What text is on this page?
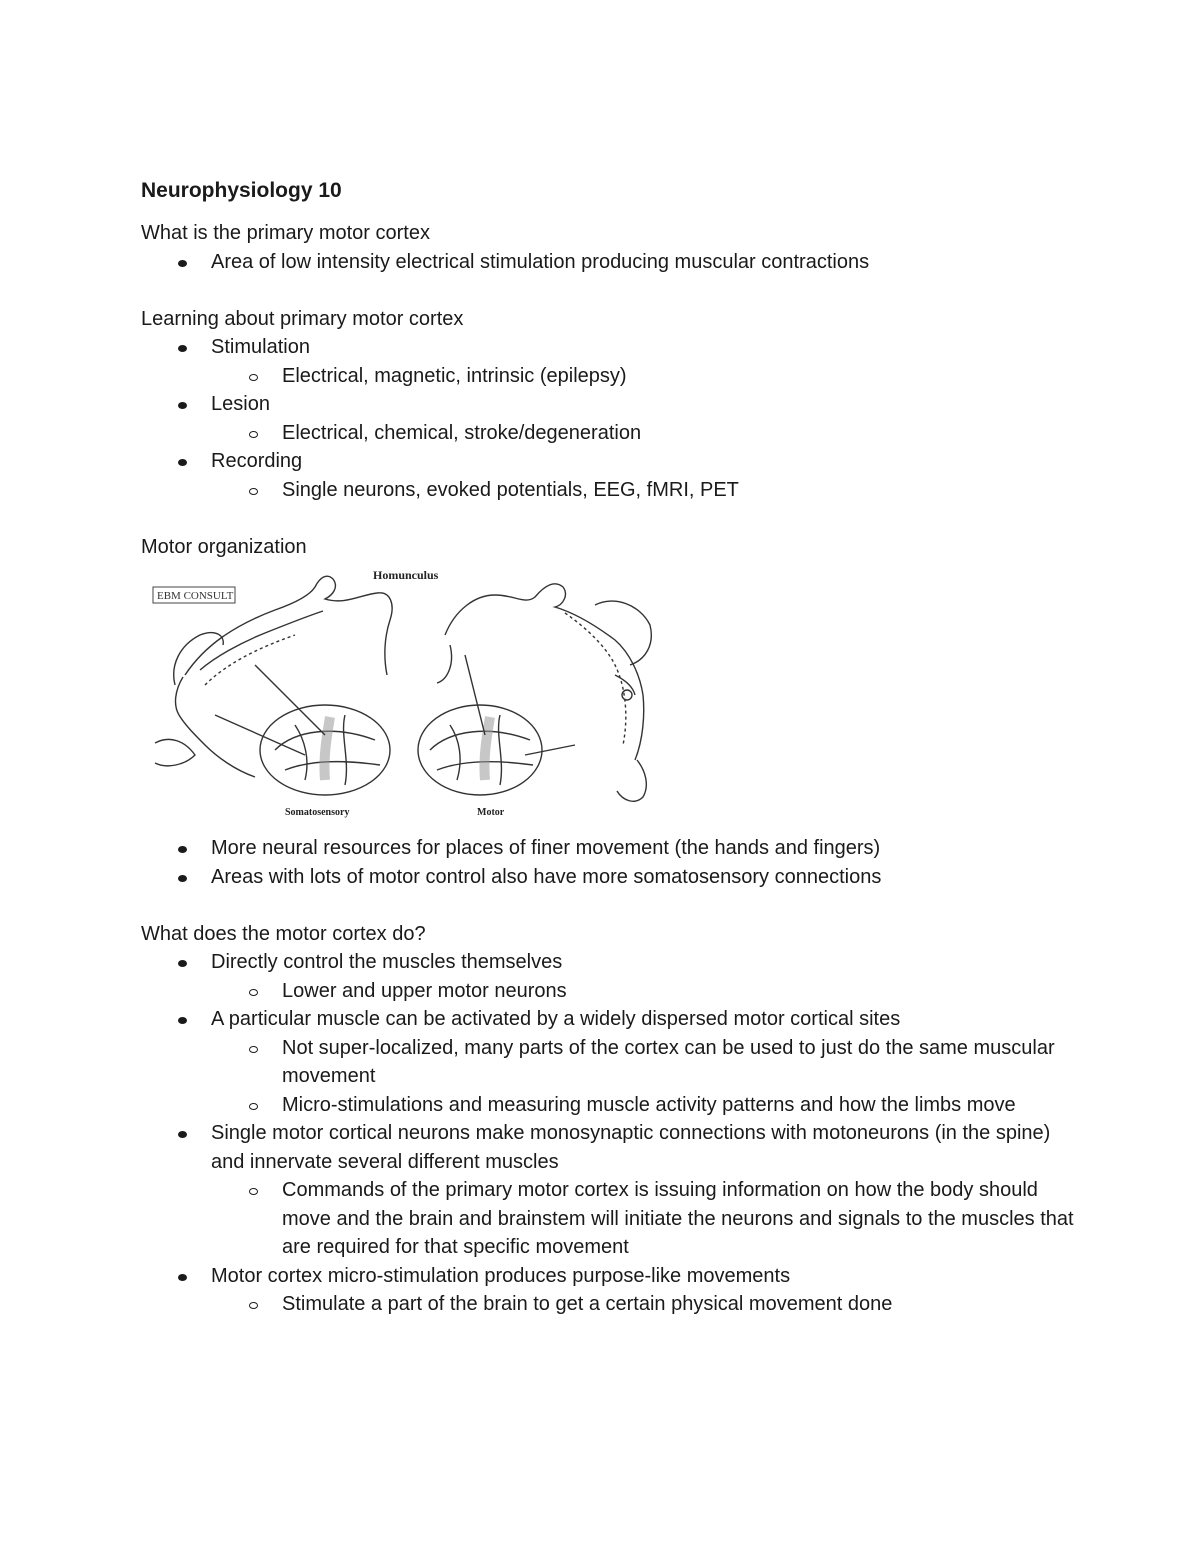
Neurophysiology 10
What is the primary motor cortex
Area of low intensity electrical stimulation producing muscular contractions
Learning about primary motor cortex
Stimulation
Electrical, magnetic, intrinsic (epilepsy)
Lesion
Electrical, chemical, stroke/degeneration
Recording
Single neurons, evoked potentials, EEG, fMRI, PET
Motor organization
EBM CONSULT
Homunculus
Somatosensory	Motor
More neural resources for places of finer movement (the hands and fingers)
Areas with lots of motor control also have more somatosensory connections
What does the motor cortex do?
Directly control the muscles themselves
Lower and upper motor neurons
A particular muscle can be activated by a widely dispersed motor cortical sites
Not super-localized, many parts of the cortex can be used to just do the same muscular movement
Micro-stimulations and measuring muscle activity patterns and how the limbs move
Single motor cortical neurons make monosynaptic connections with motoneurons (in the spine) and innervate several different muscles
Commands of the primary motor cortex is issuing information on how the body should move and the brain and brainstem will initiate the neurons and signals to the muscles that are required for that specific movement
Motor cortex micro-stimulation produces purpose-like movements
Stimulate a part of the brain to get a certain physical movement done
